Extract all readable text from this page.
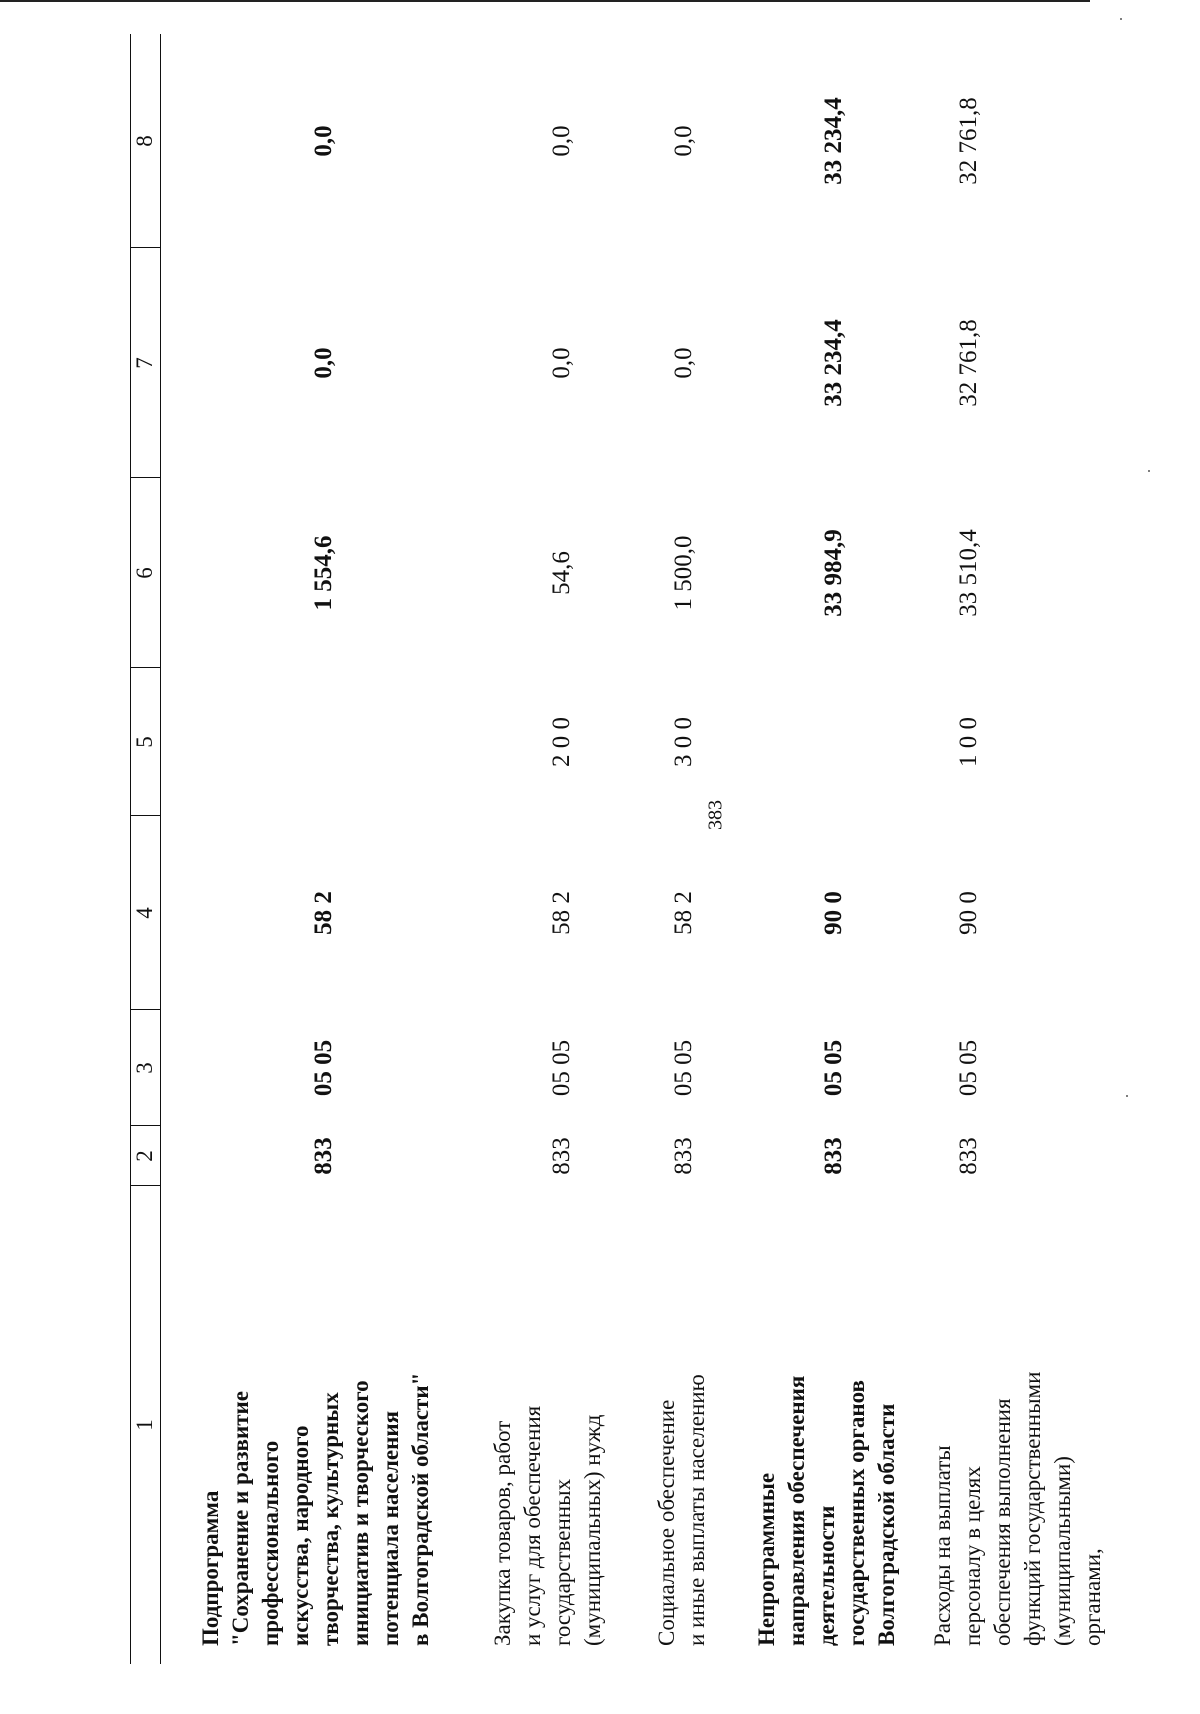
383
1
2
3
4
5
6
7
8
Подпрограмма
"Сохранение и развитие
профессионального
искусства, народного
творчества, культурных
инициатив и творческого
потенциала населения
в Волгоградской области"
833
05 05
58 2
1 554,6
0,0
0,0
Закупка товаров, работ
и услуг для обеспечения
государственных
(муниципальных) нужд
833
05 05
58 2
2 0 0
54,6
0,0
0,0
Социальное обеспечение
и иные выплаты населению
833
05 05
58 2
3 0 0
1 500,0
0,0
0,0
Непрограммные
направления обеспечения
деятельности
государственных органов
Волгоградской области
833
05 05
90 0
33 984,9
33 234,4
33 234,4
Расходы на выплаты
персоналу в целях
обеспечения выполнения
функций государственными
(муниципальными)
органами,
833
05 05
90 0
1 0 0
33 510,4
32 761,8
32 761,8
